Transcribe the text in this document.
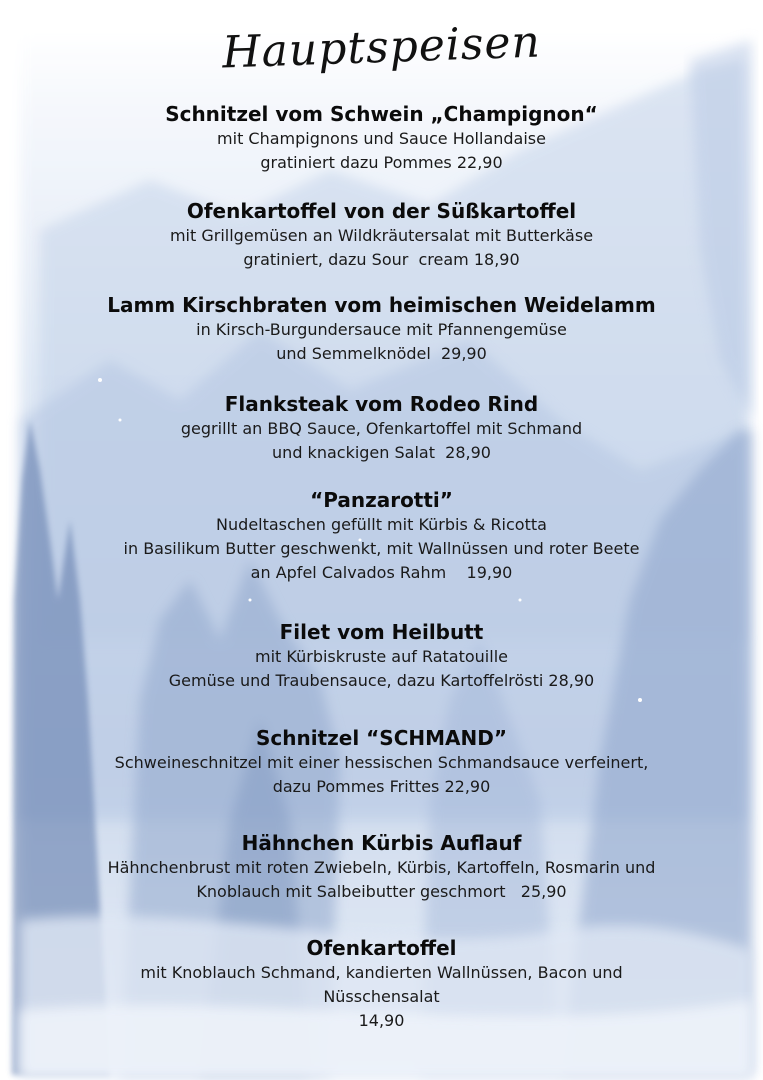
Hauptspeisen
Schnitzel vom Schwein „Champignon“

mit Champignons und Sauce Hollandaise

gratiniert dazu Pommes 22,90

Ofenkartoffel von der Süßkartoffel

mit Grillgemüsen an Wildkräutersalat mit Butterkäse

gratiniert, dazu Sour  cream 18,90

Lamm Kirschbraten vom heimischen Weidelamm

in Kirsch-Burgundersauce mit Pfannengemüse

und Semmelknödel  29,90

Flanksteak vom Rodeo Rind

gegrillt an BBQ Sauce, Ofenkartoffel mit Schmand

und knackigen Salat  28,90

“Panzarotti”

Nudeltaschen gefüllt mit Kürbis & Ricotta

in Basilikum Butter geschwenkt, mit Wallnüssen und roter Beete

an Apfel Calvados Rahm    19,90

Filet vom Heilbutt

mit Kürbiskruste auf Ratatouille

Gemüse und Traubensauce, dazu Kartoffelrösti 28,90

Schnitzel “SCHMAND”

Schweineschnitzel mit einer hessischen Schmandsauce verfeinert,

dazu Pommes Frittes 22,90

Hähnchen Kürbis Auflauf

Hähnchenbrust mit roten Zwiebeln, Kürbis, Kartoffeln, Rosmarin und

Knoblauch mit Salbeibutter geschmort   25,90

Ofenkartoffel

mit Knoblauch Schmand, kandierten Wallnüssen, Bacon und

Nüsschensalat

14,90
